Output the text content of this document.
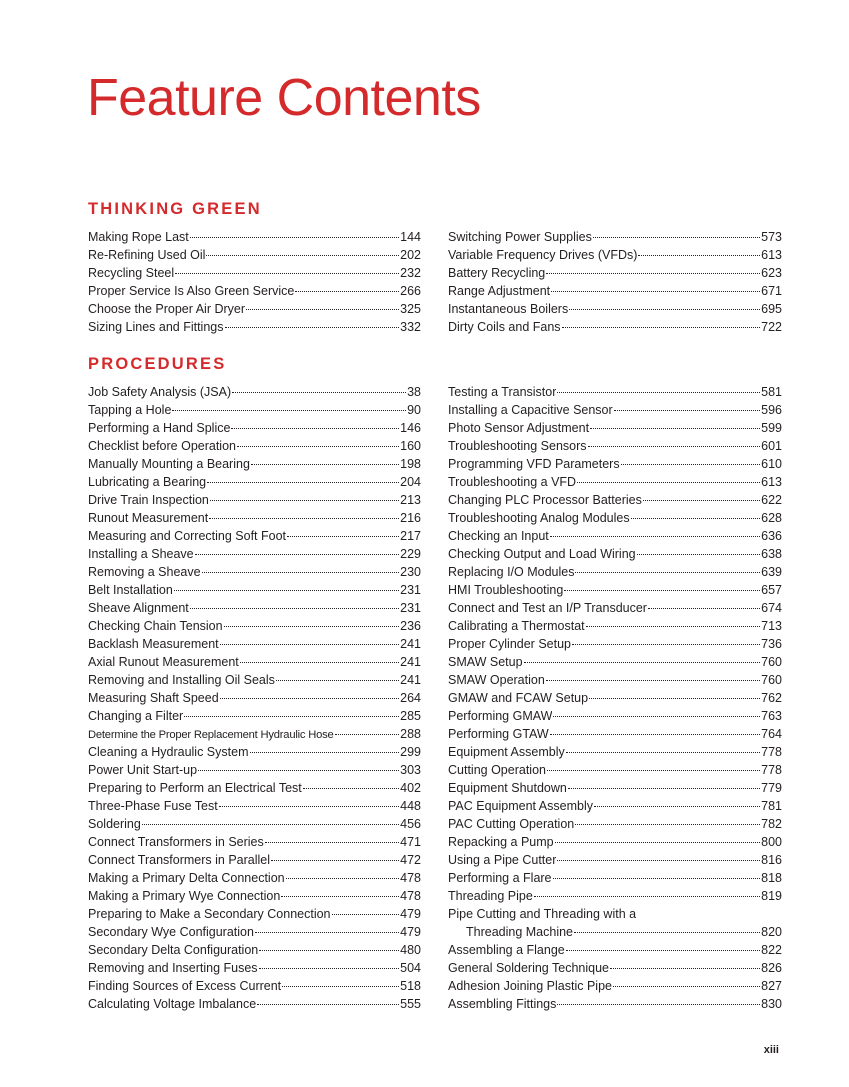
Feature Contents
THINKING GREEN
Making Rope Last	144
Re-Refining Used Oil	202
Recycling Steel	232
Proper Service Is Also Green Service	266
Choose the Proper Air Dryer	325
Sizing Lines and Fittings	332
Switching Power Supplies	573
Variable Frequency Drives (VFDs)	613
Battery Recycling	623
Range Adjustment	671
Instantaneous Boilers	695
Dirty Coils and Fans	722
PROCEDURES
Job Safety Analysis (JSA)	38
Tapping a Hole	90
Performing a Hand Splice	146
Checklist before Operation	160
Manually Mounting a Bearing	198
Lubricating a Bearing	204
Drive Train Inspection	213
Runout Measurement	216
Measuring and Correcting Soft Foot	217
Installing a Sheave	229
Removing a Sheave	230
Belt Installation	231
Sheave Alignment	231
Checking Chain Tension	236
Backlash Measurement	241
Axial Runout Measurement	241
Removing and Installing Oil Seals	241
Measuring Shaft Speed	264
Changing a Filter	285
Determine the Proper Replacement Hydraulic Hose	288
Cleaning a Hydraulic System	299
Power Unit Start-up	303
Preparing to Perform an Electrical Test	402
Three-Phase Fuse Test	448
Soldering	456
Connect Transformers in Series	471
Connect Transformers in Parallel	472
Making a Primary Delta Connection	478
Making a Primary Wye Connection	478
Preparing to Make a Secondary Connection	479
Secondary Wye Configuration	479
Secondary Delta Configuration	480
Removing and Inserting Fuses	504
Finding Sources of Excess Current	518
Calculating Voltage Imbalance	555
Testing a Transistor	581
Installing a Capacitive Sensor	596
Photo Sensor Adjustment	599
Troubleshooting Sensors	601
Programming VFD Parameters	610
Troubleshooting a VFD	613
Changing PLC Processor Batteries	622
Troubleshooting Analog Modules	628
Checking an Input	636
Checking Output and Load Wiring	638
Replacing I/O Modules	639
HMI Troubleshooting	657
Connect and Test an I/P Transducer	674
Calibrating a Thermostat	713
Proper Cylinder Setup	736
SMAW Setup	760
SMAW Operation	760
GMAW and FCAW Setup	762
Performing GMAW	763
Performing GTAW	764
Equipment Assembly	778
Cutting Operation	778
Equipment Shutdown	779
PAC Equipment Assembly	781
PAC Cutting Operation	782
Repacking a Pump	800
Using a Pipe Cutter	816
Performing a Flare	818
Threading Pipe	819
Pipe Cutting and Threading with a
Threading Machine	820
Assembling a Flange	822
General Soldering Technique	826
Adhesion Joining Plastic Pipe	827
Assembling Fittings	830
xiii
